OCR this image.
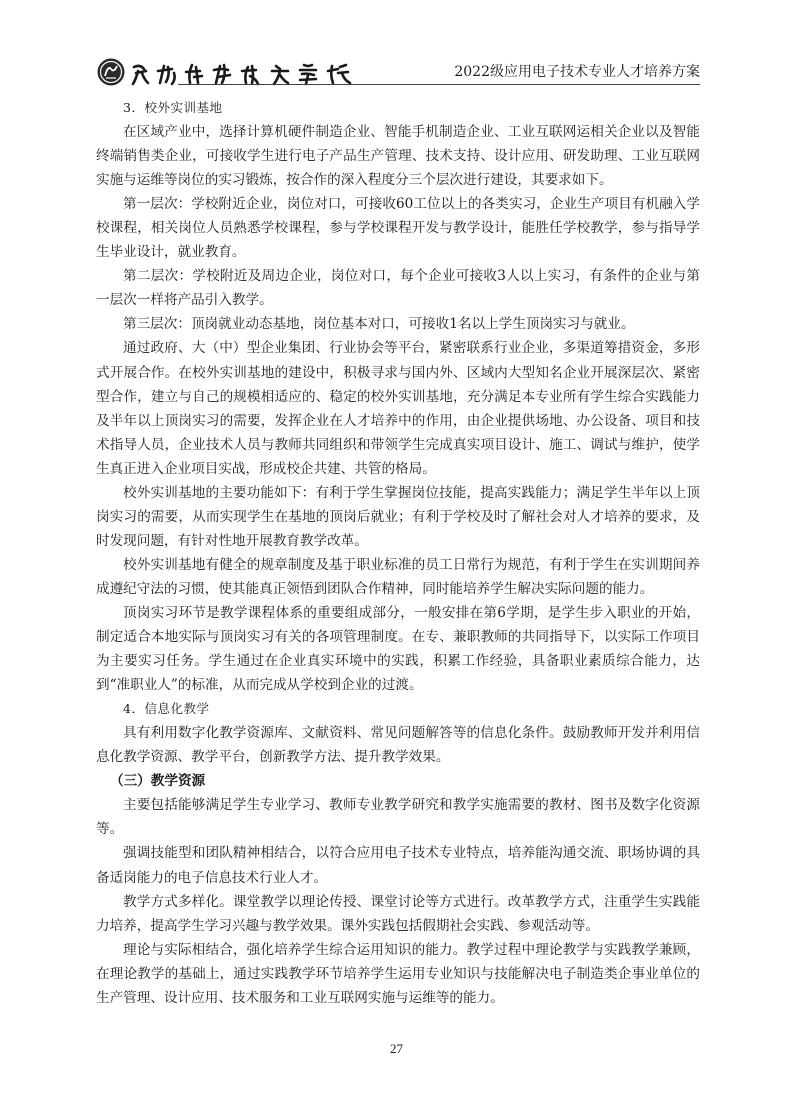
2022级应用电子技术专业人才培养方案

3．校外实训基地

在区域产业中，选择计算机硬件制造企业、智能手机制造企业、工业互联网运相关企业以及智能终端销售类企业，可接收学生进行电子产品生产管理、技术支持、设计应用、研发助理、工业互联网实施与运维等岗位的实习锻炼，按合作的深入程度分三个层次进行建设，其要求如下。

第一层次：学校附近企业，岗位对口，可接收60工位以上的各类实习，企业生产项目有机融入学校课程，相关岗位人员熟悉学校课程，参与学校课程开发与教学设计，能胜任学校教学，参与指导学生毕业设计，就业教育。

第二层次：学校附近及周边企业，岗位对口，每个企业可接收3人以上实习，有条件的企业与第一层次一样将产品引入教学。

第三层次：顶岗就业动态基地，岗位基本对口，可接收1名以上学生顶岗实习与就业。

通过政府、大（中）型企业集团、行业协会等平台，紧密联系行业企业，多渠道筹措资金，多形式开展合作。在校外实训基地的建设中，积极寻求与国内外、区域内大型知名企业开展深层次、紧密型合作，建立与自己的规模相适应的、稳定的校外实训基地，充分满足本专业所有学生综合实践能力及半年以上顶岗实习的需要，发挥企业在人才培养中的作用，由企业提供场地、办公设备、项目和技术指导人员，企业技术人员与教师共同组织和带领学生完成真实项目设计、施工、调试与维护，使学生真正进入企业项目实战，形成校企共建、共管的格局。

校外实训基地的主要功能如下：有利于学生掌握岗位技能，提高实践能力；满足学生半年以上顶岗实习的需要，从而实现学生在基地的顶岗后就业；有利于学校及时了解社会对人才培养的要求，及时发现问题，有针对性地开展教育教学改革。

校外实训基地有健全的规章制度及基于职业标准的员工日常行为规范，有利于学生在实训期间养成遵纪守法的习惯，使其能真正领悟到团队合作精神，同时能培养学生解决实际问题的能力。

顶岗实习环节是教学课程体系的重要组成部分，一般安排在第6学期，是学生步入职业的开始，制定适合本地实际与顶岗实习有关的各项管理制度。在专、兼职教师的共同指导下，以实际工作项目为主要实习任务。学生通过在企业真实环境中的实践，积累工作经验，具备职业素质综合能力，达到“准职业人”的标准，从而完成从学校到企业的过渡。

4．信息化教学

具有利用数字化教学资源库、文献资料、常见问题解答等的信息化条件。鼓励教师开发并利用信息化教学资源、教学平台，创新教学方法、提升教学效果。

（三）教学资源

主要包括能够满足学生专业学习、教师专业教学研究和教学实施需要的教材、图书及数字化资源等。

强调技能型和团队精神相结合，以符合应用电子技术专业特点，培养能沟通交流、职场协调的具备适岗能力的电子信息技术行业人才。

教学方式多样化。课堂教学以理论传授、课堂讨论等方式进行。改革教学方式，注重学生实践能力培养，提高学生学习兴趣与教学效果。课外实践包括假期社会实践、参观活动等。

理论与实际相结合，强化培养学生综合运用知识的能力。教学过程中理论教学与实践教学兼顾，在理论教学的基础上，通过实践教学环节培养学生运用专业知识与技能解决电子制造类企事业单位的生产管理、设计应用、技术服务和工业互联网实施与运维等的能力。

27
